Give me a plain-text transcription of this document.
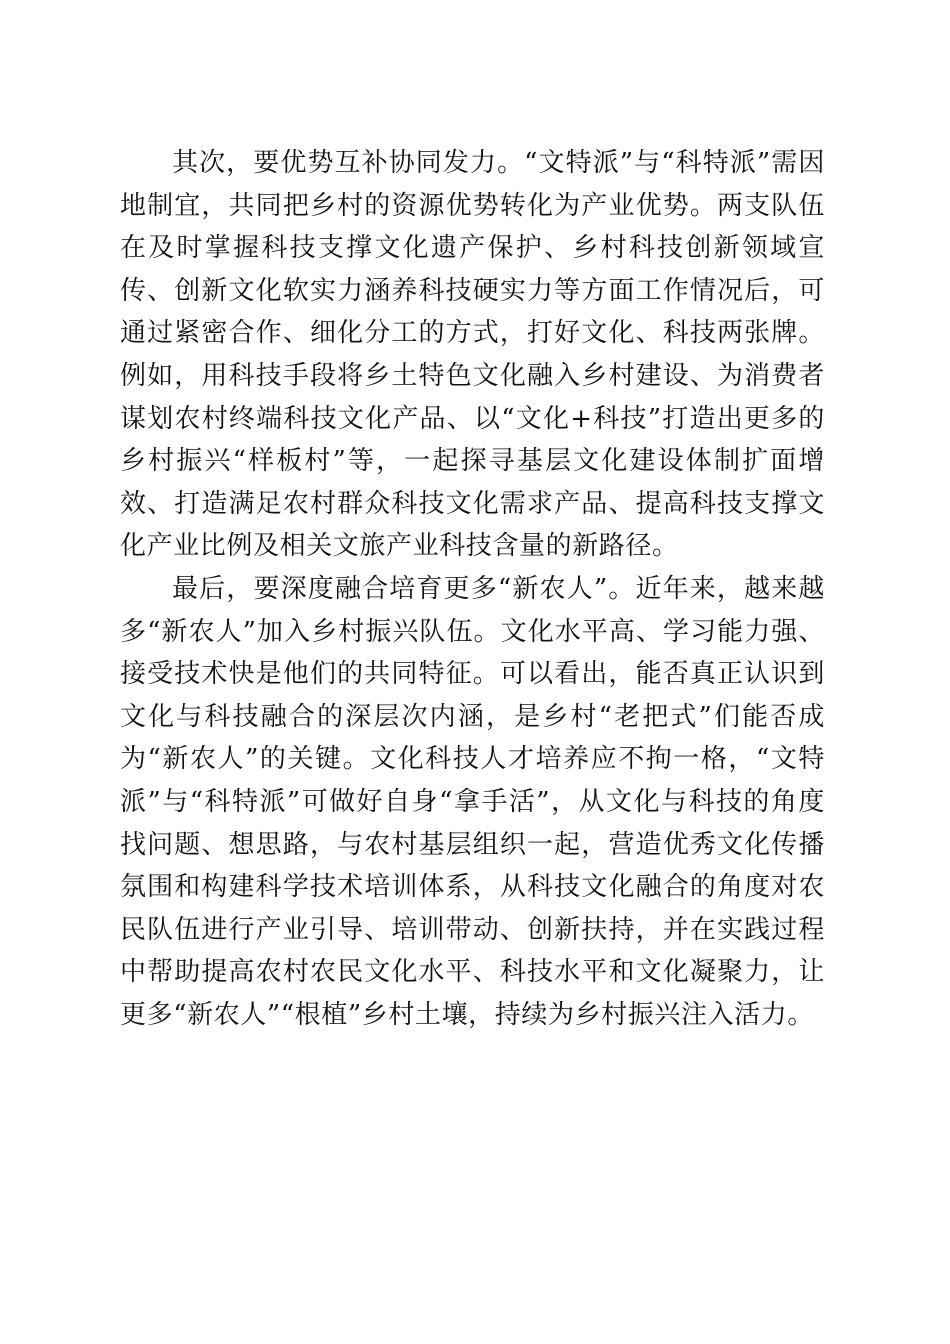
其次，要优势互补协同发力。“文特派”与“科特派”需因地制宜，共同把乡村的资源优势转化为产业优势。两支队伍在及时掌握科技支撑文化遗产保护、乡村科技创新领域宣传、创新文化软实力涵养科技硬实力等方面工作情况后，可通过紧密合作、细化分工的方式，打好文化、科技两张牌。例如，用科技手段将乡土特色文化融入乡村建设、为消费者谋划农村终端科技文化产品、以“文化+科技”打造出更多的乡村振兴“样板村”等，一起探寻基层文化建设体制扩面增效、打造满足农村群众科技文化需求产品、提高科技支撑文化产业比例及相关文旅产业科技含量的新路径。

最后，要深度融合培育更多“新农人”。近年来，越来越多“新农人”加入乡村振兴队伍。文化水平高、学习能力强、接受技术快是他们的共同特征。可以看出，能否真正认识到文化与科技融合的深层次内涵，是乡村“老把式”们能否成为“新农人”的关键。文化科技人才培养应不拘一格，“文特派”与“科特派”可做好自身“拿手活”，从文化与科技的角度找问题、想思路，与农村基层组织一起，营造优秀文化传播氛围和构建科学技术培训体系，从科技文化融合的角度对农民队伍进行产业引导、培训带动、创新扶持，并在实践过程中帮助提高农村农民文化水平、科技水平和文化凝聚力，让更多“新农人”“根植”乡村土壤，持续为乡村振兴注入活力。
